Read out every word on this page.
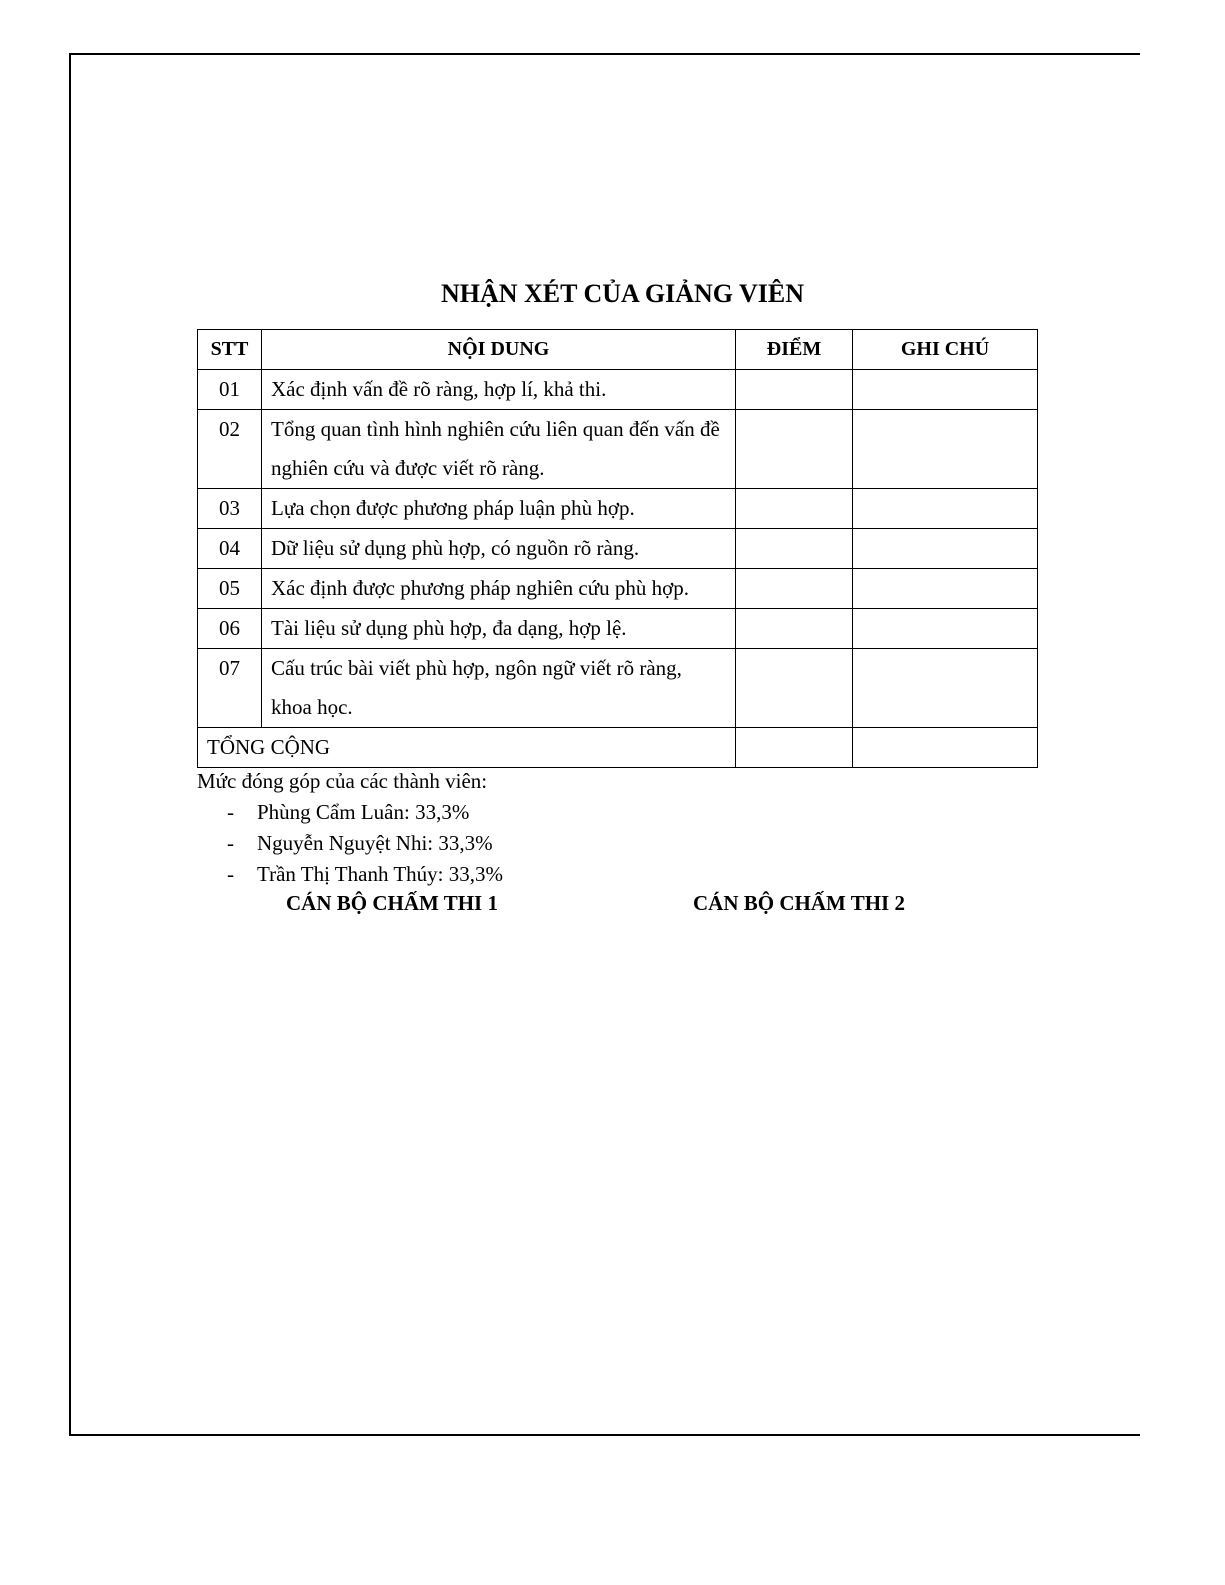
NHẬN XÉT CỦA GIẢNG VIÊN
STT	NỘI DUNG	ĐIỂM	GHI CHÚ
01	Xác định vấn đề rõ ràng, hợp lí, khả thi.		
02	Tổng quan tình hình nghiên cứu liên quan đến vấn đề nghiên cứu và được viết rõ ràng.		
03	Lựa chọn được phương pháp luận phù hợp.		
04	Dữ liệu sử dụng phù hợp, có nguồn rõ ràng.		
05	Xác định được phương pháp nghiên cứu phù hợp.		
06	Tài liệu sử dụng phù hợp, đa dạng, hợp lệ.		
07	Cấu trúc bài viết phù hợp, ngôn ngữ viết rõ ràng, khoa học.		
TỔNG CỘNG			
Mức đóng góp của các thành viên:
-	Phùng Cẩm Luân: 33,3%
-	Nguyễn Nguyệt Nhi: 33,3%
-	Trần Thị Thanh Thúy: 33,3%
CÁN BỘ CHẤM THI 1	CÁN BỘ CHẤM THI 2
